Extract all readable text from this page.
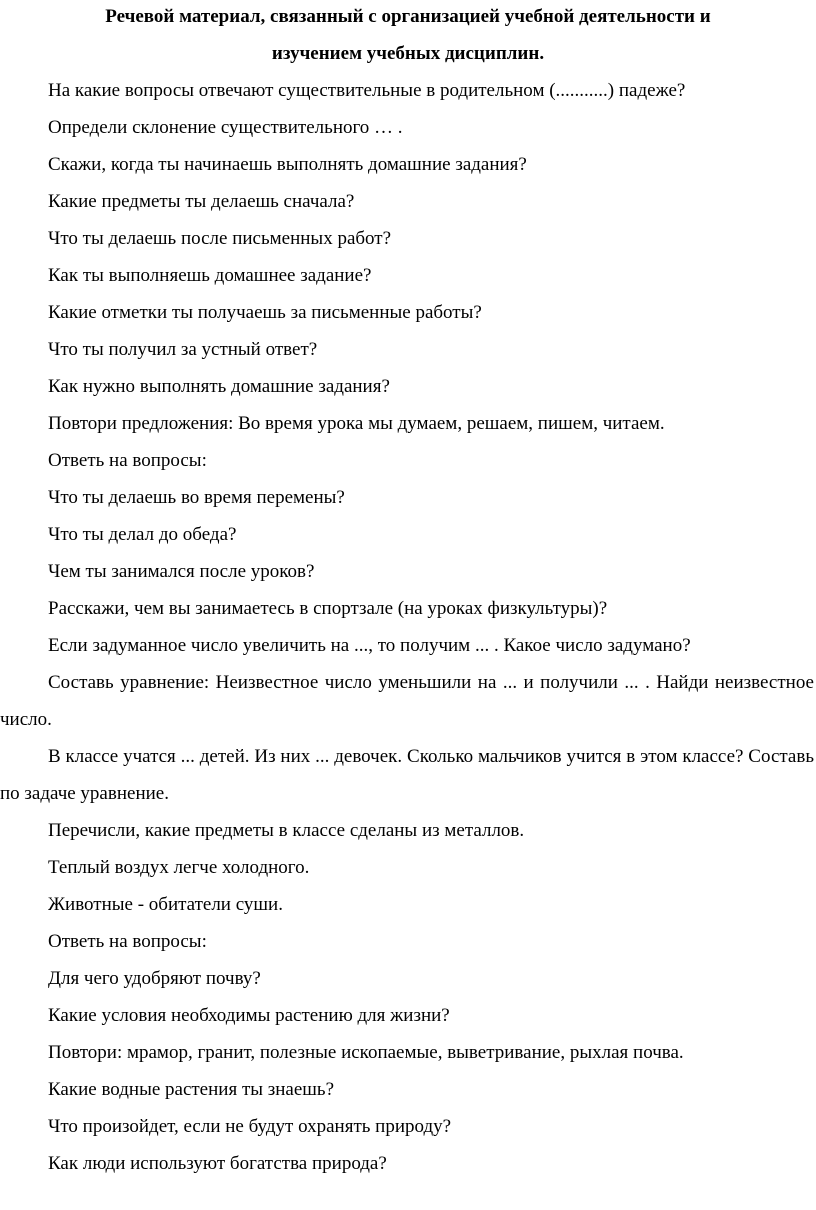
Речевой материал, связанный с организацией учебной деятельности и
изучением учебных дисциплин.

На какие вопросы отвечают существительные в родительном (...........) падеже?

Определи склонение существительного … .

Скажи, когда ты начинаешь выполнять домашние задания?

Какие предметы ты делаешь сначала?

Что ты делаешь после письменных работ?

Как ты выполняешь домашнее задание?

Какие отметки ты получаешь за письменные работы?

Что ты получил за устный ответ?

Как нужно выполнять домашние задания?

Повтори предложения: Во время урока мы думаем, решаем, пишем, читаем.

Ответь на вопросы:

Что ты делаешь во время перемены?

Что ты делал до обеда?

Чем ты занимался после уроков?

Расскажи, чем вы занимаетесь в спортзале (на уроках физкультуры)?

Если задуманное число увеличить на ..., то получим ... . Какое число задумано?

Составь уравнение: Неизвестное число уменьшили на ... и получили ... . Найди неизвестное число.

В классе учатся ... детей. Из них ... девочек. Сколько мальчиков учится в этом классе? Составь по задаче уравнение.

Перечисли, какие предметы в классе сделаны из металлов.

Теплый воздух легче холодного.

Животные - обитатели суши.

Ответь на вопросы:

Для чего удобряют почву?

Какие условия необходимы растению для жизни?

Повтори: мрамор, гранит, полезные ископаемые, выветривание, рыхлая почва.

Какие водные растения ты знаешь?

Что произойдет, если не будут охранять природу?

Как люди используют богатства природа?
